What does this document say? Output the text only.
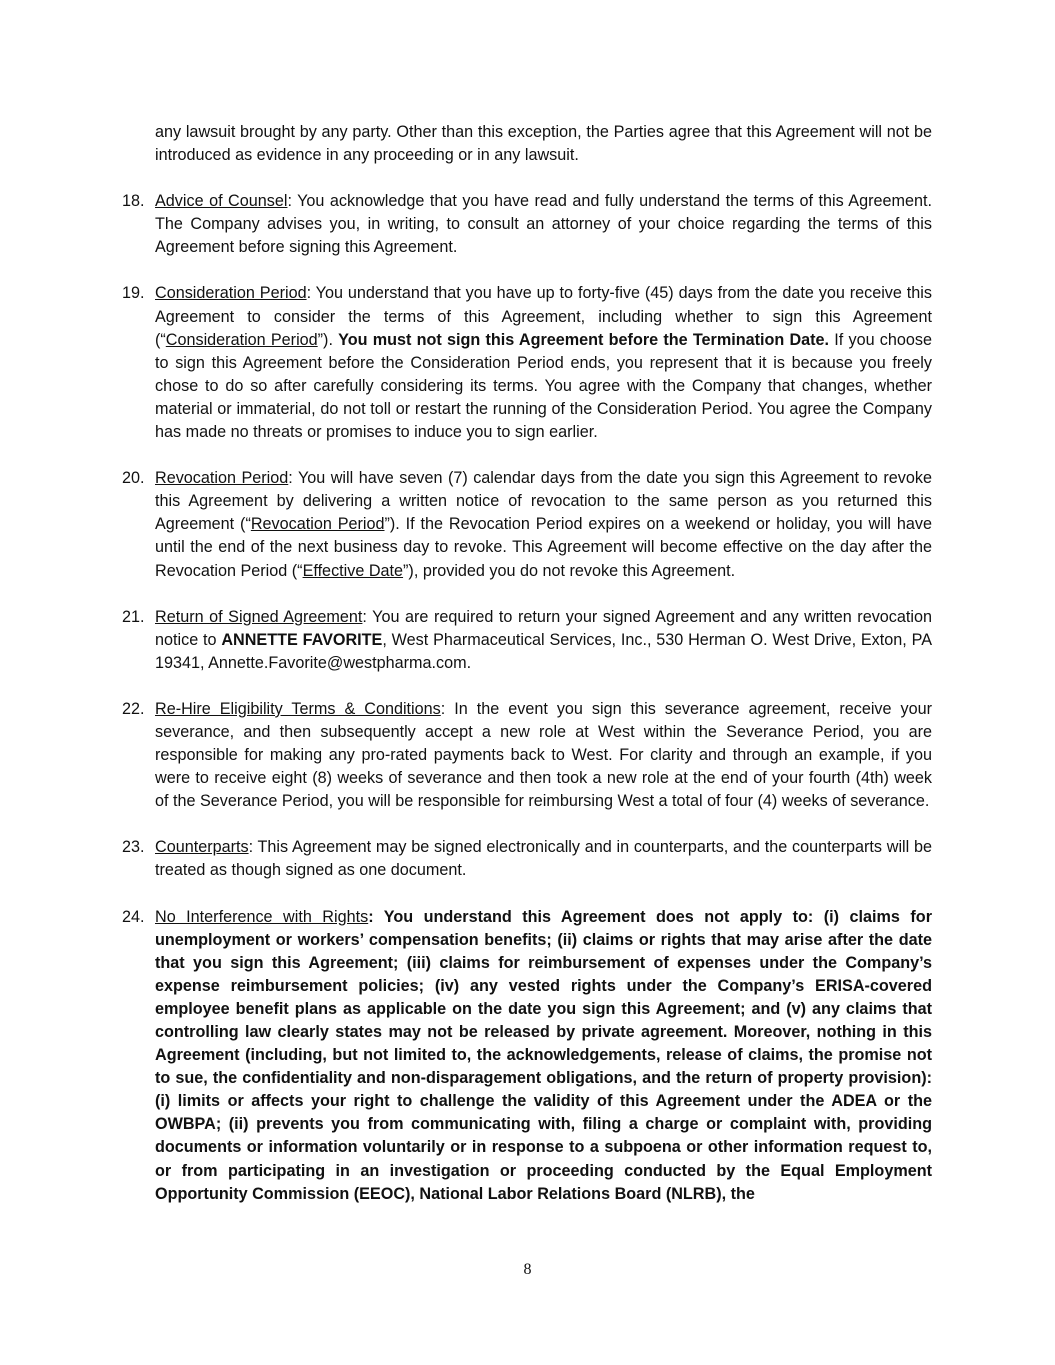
any lawsuit brought by any party. Other than this exception, the Parties agree that this Agreement will not be introduced as evidence in any proceeding or in any lawsuit.

18. Advice of Counsel: You acknowledge that you have read and fully understand the terms of this Agreement. The Company advises you, in writing, to consult an attorney of your choice regarding the terms of this Agreement before signing this Agreement.
19. Consideration Period: You understand that you have up to forty-five (45) days from the date you receive this Agreement to consider the terms of this Agreement, including whether to sign this Agreement (“Consideration Period”). You must not sign this Agreement before the Termination Date. If you choose to sign this Agreement before the Consideration Period ends, you represent that it is because you freely chose to do so after carefully considering its terms. You agree with the Company that changes, whether material or immaterial, do not toll or restart the running of the Consideration Period. You agree the Company has made no threats or promises to induce you to sign earlier.
20. Revocation Period: You will have seven (7) calendar days from the date you sign this Agreement to revoke this Agreement by delivering a written notice of revocation to the same person as you returned this Agreement (“Revocation Period”). If the Revocation Period expires on a weekend or holiday, you will have until the end of the next business day to revoke. This Agreement will become effective on the day after the Revocation Period (“Effective Date”), provided you do not revoke this Agreement.
21. Return of Signed Agreement: You are required to return your signed Agreement and any written revocation notice to ANNETTE FAVORITE, West Pharmaceutical Services, Inc., 530 Herman O. West Drive, Exton, PA 19341, Annette.Favorite@westpharma.com.
22. Re-Hire Eligibility Terms & Conditions: In the event you sign this severance agreement, receive your severance, and then subsequently accept a new role at West within the Severance Period, you are responsible for making any pro-rated payments back to West. For clarity and through an example, if you were to receive eight (8) weeks of severance and then took a new role at the end of your fourth (4th) week of the Severance Period, you will be responsible for reimbursing West a total of four (4) weeks of severance.
23. Counterparts: This Agreement may be signed electronically and in counterparts, and the counterparts will be treated as though signed as one document.
24. No Interference with Rights: You understand this Agreement does not apply to: (i) claims for unemployment or workers’ compensation benefits; (ii) claims or rights that may arise after the date that you sign this Agreement; (iii) claims for reimbursement of expenses under the Company’s expense reimbursement policies; (iv) any vested rights under the Company’s ERISA-covered employee benefit plans as applicable on the date you sign this Agreement; and (v) any claims that controlling law clearly states may not be released by private agreement. Moreover, nothing in this Agreement (including, but not limited to, the acknowledgements, release of claims, the promise not to sue, the confidentiality and non-disparagement obligations, and the return of property provision): (i) limits or affects your right to challenge the validity of this Agreement under the ADEA or the OWBPA; (ii) prevents you from communicating with, filing a charge or complaint with, providing documents or information voluntarily or in response to a subpoena or other information request to, or from participating in an investigation or proceeding conducted by the Equal Employment Opportunity Commission (EEOC), National Labor Relations Board (NLRB), the
8
